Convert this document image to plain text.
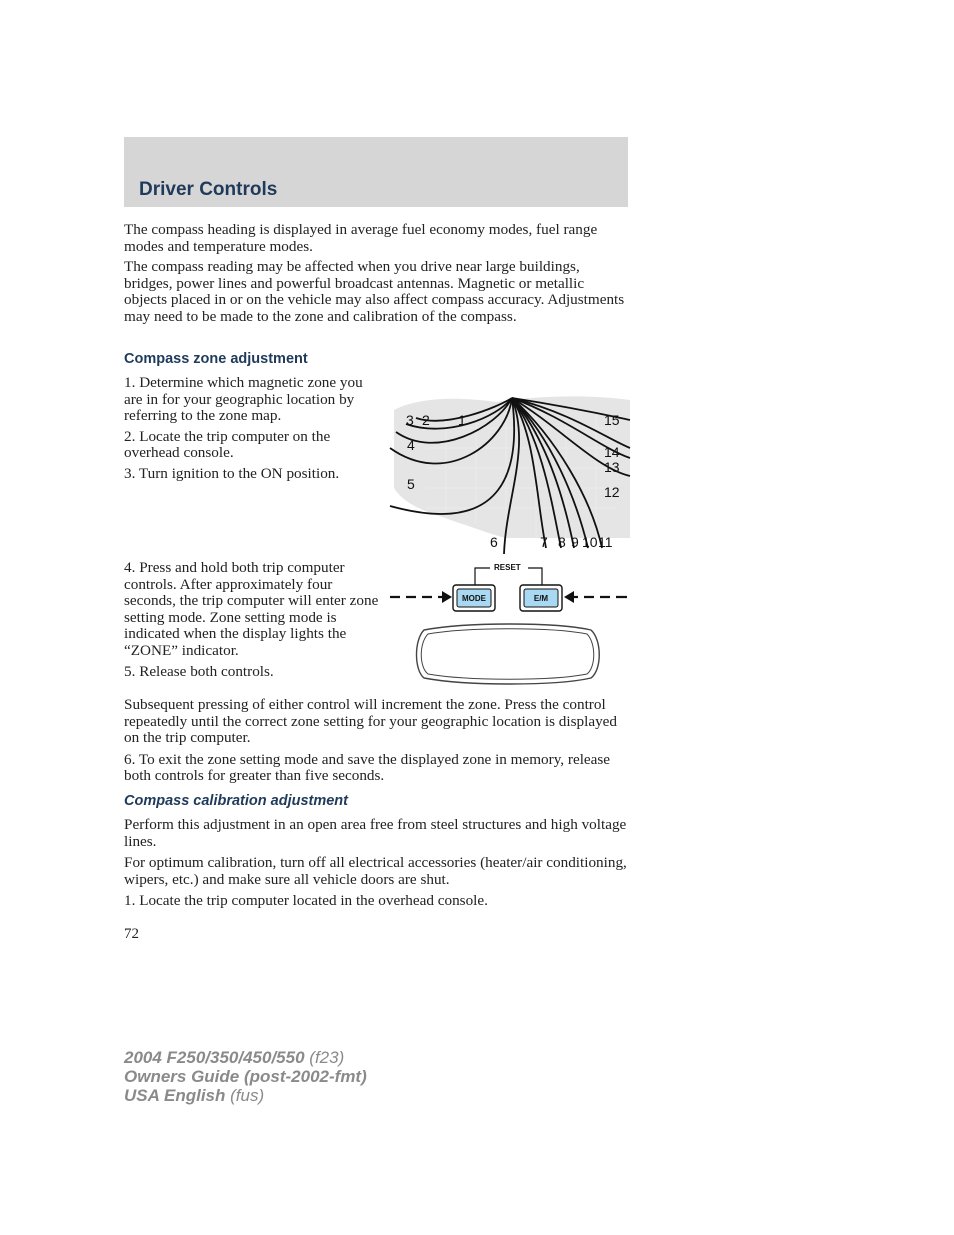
Driver Controls

The compass heading is displayed in average fuel economy modes, fuel range modes and temperature modes.

The compass reading may be affected when you drive near large buildings, bridges, power lines and powerful broadcast antennas. Magnetic or metallic objects placed in or on the vehicle may also affect compass accuracy. Adjustments may need to be made to the zone and calibration of the compass.

Compass zone adjustment

1. Determine which magnetic zone you are in for your geographic location by referring to the zone map.

2. Locate the trip computer on the overhead console.

3. Turn ignition to the ON position.

3 2 1
4
5
6	7 8 9 10 11
12
13
14
15

4. Press and hold both trip computer controls. After approximately four seconds, the trip computer will enter zone setting mode. Zone setting mode is indicated when the display lights the “ZONE” indicator.

5. Release both controls.

RESET
MODE	E/M

Subsequent pressing of either control will increment the zone. Press the control repeatedly until the correct zone setting for your geographic location is displayed on the trip computer.

6. To exit the zone setting mode and save the displayed zone in memory, release both controls for greater than five seconds.

Compass calibration adjustment

Perform this adjustment in an open area free from steel structures and high voltage lines.

For optimum calibration, turn off all electrical accessories (heater/air conditioning, wipers, etc.) and make sure all vehicle doors are shut.

1. Locate the trip computer located in the overhead console.

72
2004 F250/350/450/550 (f23)
Owners Guide (post-2002-fmt)
USA English (fus)
